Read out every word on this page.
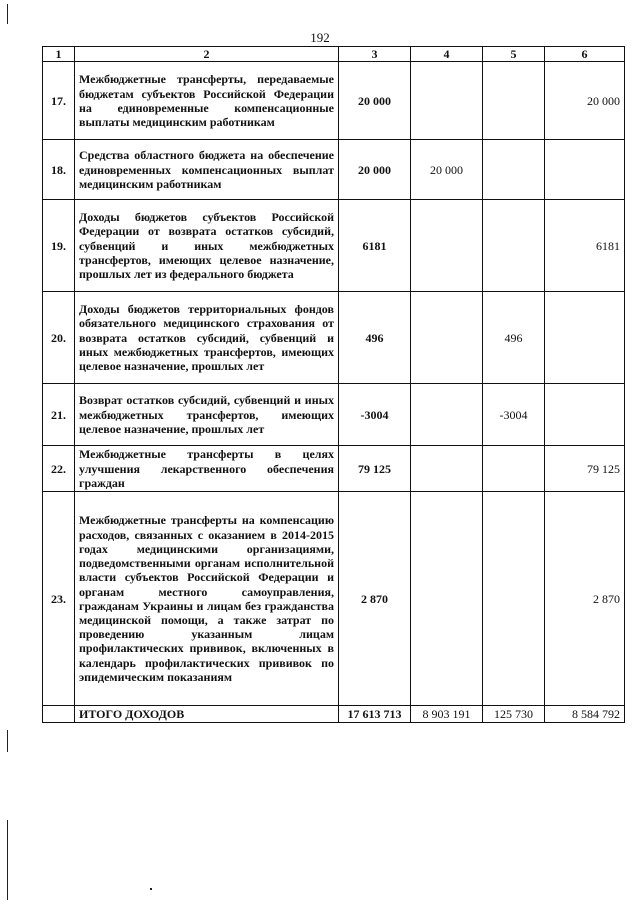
192
1	2	3	4	5	6
17.	Межбюджетные трансферты, передаваемые бюджетам субъектов Российской Федерации на единовременные компенсационные выплаты медицинским работникам	20 000			20 000
18.	Средства областного бюджета на обеспечение единовременных компенсационных выплат медицинским работникам	20 000	20 000		
19.	Доходы бюджетов субъектов Российской Федерации от возврата остатков субсидий, субвенций и иных межбюджетных трансфертов, имеющих целевое назначение, прошлых лет из федерального бюджета	6181			6181
20.	Доходы бюджетов территориальных фондов обязательного медицинского страхования от возврата остатков субсидий, субвенций и иных межбюджетных трансфертов, имеющих целевое назначение, прошлых лет	496		496	
21.	Возврат остатков субсидий, субвенций и иных межбюджетных трансфертов, имеющих целевое назначение, прошлых лет	-3004		-3004	
22.	Межбюджетные трансферты в целях улучшения лекарственного обеспечения граждан	79 125			79 125
23.	Межбюджетные трансферты на компенсацию расходов, связанных с оказанием в 2014-2015 годах медицинскими организациями, подведомственными органам исполнительной власти субъектов Российской Федерации и органам местного самоуправления, гражданам Украины и лицам без гражданства медицинской помощи, а также затрат по проведению указанным лицам профилактических прививок, включенных в календарь профилактических прививок по эпидемическим показаниям	2 870			2 870
	ИТОГО ДОХОДОВ	17 613 713	8 903 191	125 730	8 584 792
